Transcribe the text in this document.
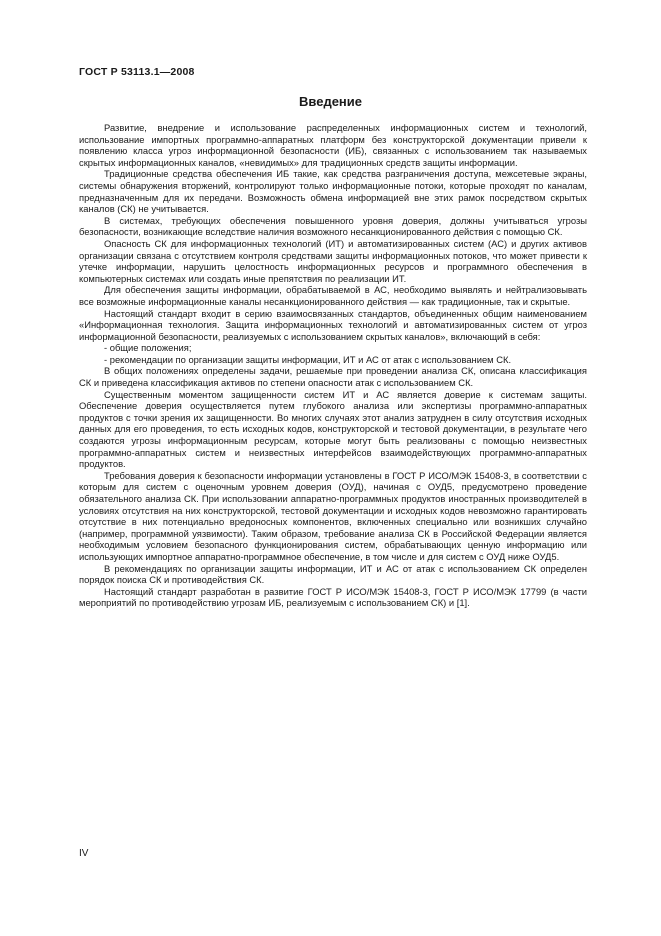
ГОСТ Р 53113.1—2008
Введение

Развитие, внедрение и использование распределенных информационных систем и технологий, использование импортных программно-аппаратных платформ без конструкторской документации привели к появлению класса угроз информационной безопасности (ИБ), связанных с использованием так называемых скрытых информационных каналов, «невидимых» для традиционных средств защиты информации.

Традиционные средства обеспечения ИБ такие, как средства разграничения доступа, межсетевые экраны, системы обнаружения вторжений, контролируют только информационные потоки, которые проходят по каналам, предназначенным для их передачи. Возможность обмена информацией вне этих рамок посредством скрытых каналов (СК) не учитывается.

В системах, требующих обеспечения повышенного уровня доверия, должны учитываться угрозы безопасности, возникающие вследствие наличия возможного несанкционированного действия с помощью СК.

Опасность СК для информационных технологий (ИТ) и автоматизированных систем (АС) и других активов организации связана с отсутствием контроля средствами защиты информационных потоков, что может привести к утечке информации, нарушить целостность информационных ресурсов и программного обеспечения в компьютерных системах или создать иные препятствия по реализации ИТ.

Для обеспечения защиты информации, обрабатываемой в АС, необходимо выявлять и нейтрализовывать все возможные информационные каналы несанкционированного действия — как традиционные, так и скрытые.

Настоящий стандарт входит в серию взаимосвязанных стандартов, объединенных общим наименованием «Информационная технология. Защита информационных технологий и автоматизированных систем от угроз информационной безопасности, реализуемых с использованием скрытых каналов», включающий в себя:

- общие положения;

- рекомендации по организации защиты информации, ИТ и АС от атак с использованием СК.

В общих положениях определены задачи, решаемые при проведении анализа СК, описана классификация СК и приведена классификация активов по степени опасности атак с использованием СК.

Существенным моментом защищенности систем ИТ и АС является доверие к системам защиты. Обеспечение доверия осуществляется путем глубокого анализа или экспертизы программно-аппаратных продуктов с точки зрения их защищенности. Во многих случаях этот анализ затруднен в силу отсутствия исходных данных для его проведения, то есть исходных кодов, конструкторской и тестовой документации, в результате чего создаются угрозы информационным ресурсам, которые могут быть реализованы с помощью неизвестных программно-аппаратных систем и неизвестных интерфейсов взаимодействующих программно-аппаратных продуктов.

Требования доверия к безопасности информации установлены в ГОСТ Р ИСО/МЭК 15408-3, в соответствии с которым для систем с оценочным уровнем доверия (ОУД), начиная с ОУД5, предусмотрено проведение обязательного анализа СК. При использовании аппаратно-программных продуктов иностранных производителей в условиях отсутствия на них конструкторской, тестовой документации и исходных кодов невозможно гарантировать отсутствие в них потенциально вредоносных компонентов, включенных специально или возникших случайно (например, программной уязвимости). Таким образом, требование анализа СК в Российской Федерации является необходимым условием безопасного функционирования систем, обрабатывающих ценную информацию или использующих импортное аппаратно-программное обеспечение, в том числе и для систем с ОУД ниже ОУД5.

В рекомендациях по организации защиты информации, ИТ и АС от атак с использованием СК определен порядок поиска СК и противодействия СК.

Настоящий стандарт разработан в развитие ГОСТ Р ИСО/МЭК 15408-3, ГОСТ Р ИСО/МЭК 17799 (в части мероприятий по противодействию угрозам ИБ, реализуемым с использованием СК) и [1].

IV
